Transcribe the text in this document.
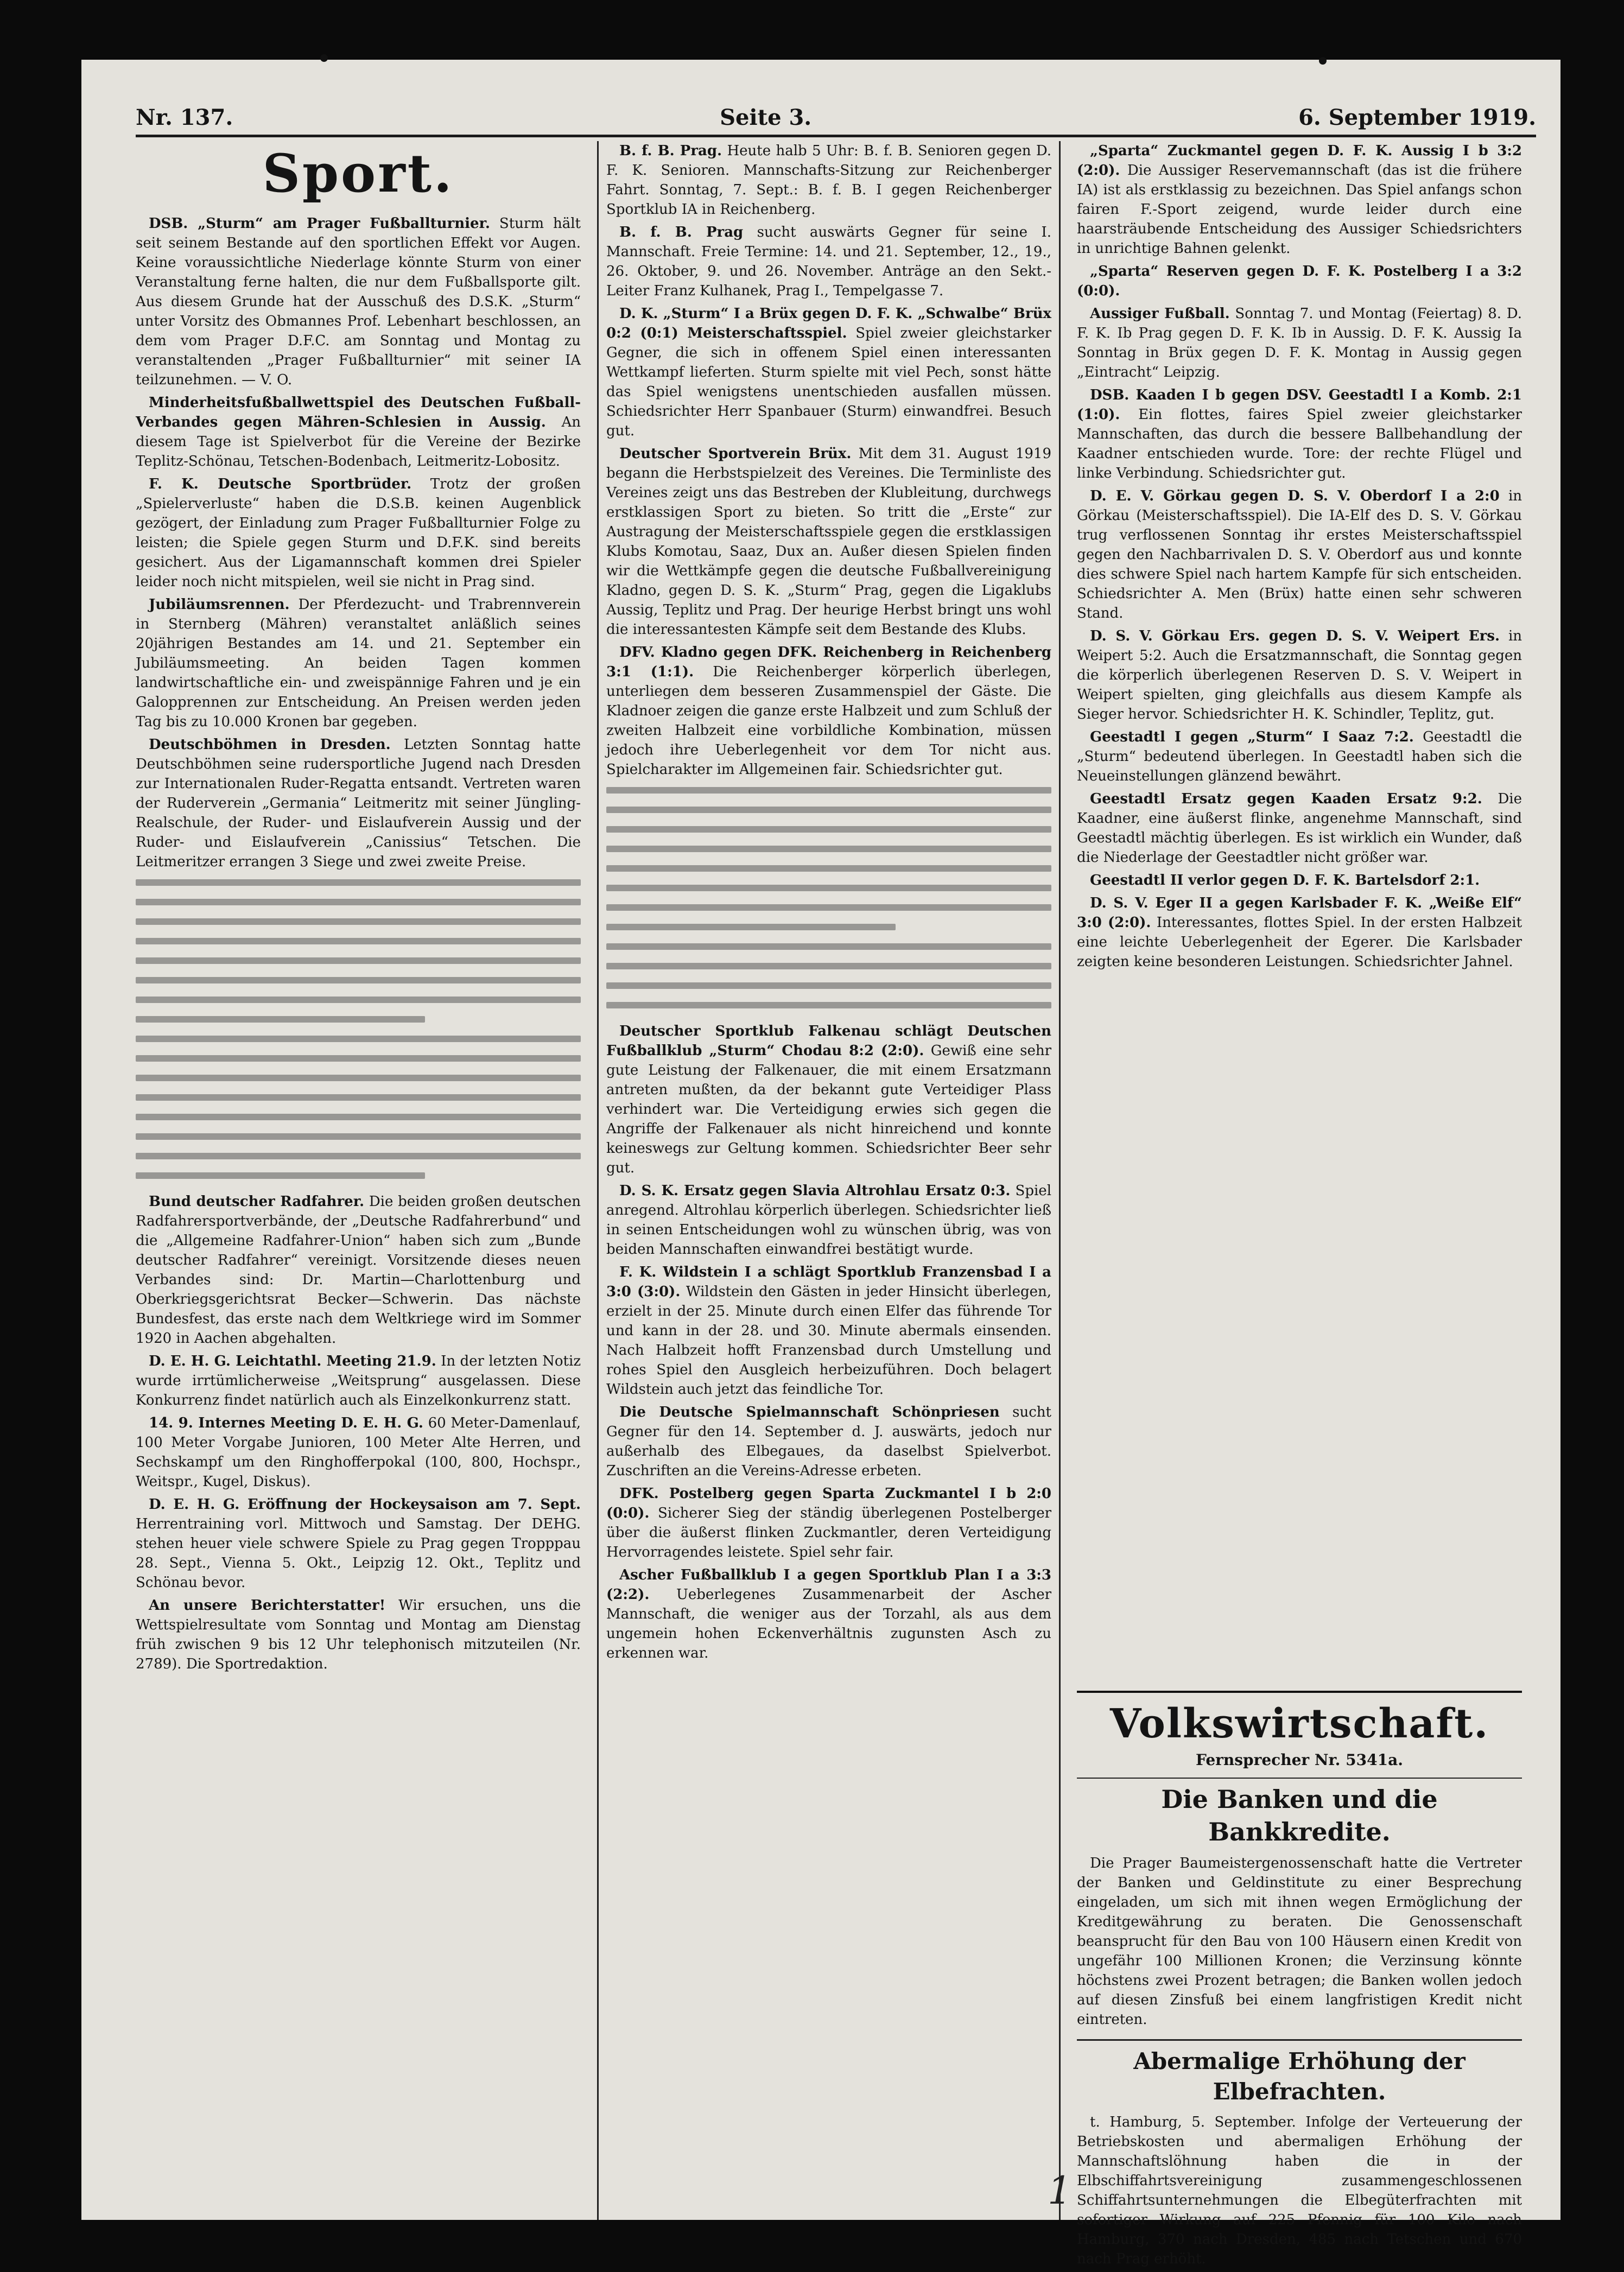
Nr. 137.	Seite 3.	6. September 1919.
Sport.

DSB. „Sturm“ am Prager Fußballturnier. Sturm hält seit seinem Bestande auf den sportlichen Effekt vor Augen. Keine voraussichtliche Niederlage könnte Sturm von einer Veranstaltung ferne halten, die nur dem Fußballsporte gilt. Aus diesem Grunde hat der Ausschuß des D.S.K. „Sturm“ unter Vorsitz des Obmannes Prof. Lebenhart beschlossen, an dem vom Prager D.F.C. am Sonntag und Montag zu veranstaltenden „Prager Fußballturnier“ mit seiner IA teilzunehmen. — V. O.

Minderheitsfußballwettspiel des Deutschen Fußball-Verbandes gegen Mähren-Schlesien in Aussig. An diesem Tage ist Spielverbot für die Vereine der Bezirke Teplitz-Schönau, Tetschen-Bodenbach, Leitmeritz-Lobositz.

F. K. Deutsche Sportbrüder. Trotz der großen „Spielerverluste“ haben die D.S.B. keinen Augenblick gezögert, der Einladung zum Prager Fußballturnier Folge zu leisten; die Spiele gegen Sturm und D.F.K. sind bereits gesichert. Aus der Ligamannschaft kommen drei Spieler leider noch nicht mitspielen, weil sie nicht in Prag sind.

Jubiläumsrennen. Der Pferdezucht- und Trabrennverein in Sternberg (Mähren) veranstaltet anläßlich seines 20jährigen Bestandes am 14. und 21. September ein Jubiläumsmeeting. An beiden Tagen kommen landwirtschaftliche ein- und zweispännige Fahren und je ein Galopprennen zur Entscheidung. An Preisen werden jeden Tag bis zu 10.000 Kronen bar gegeben.

Deutschböhmen in Dresden. Letzten Sonntag hatte Deutschböhmen seine rudersportliche Jugend nach Dresden zur Internationalen Ruder-Regatta entsandt. Vertreten waren der Ruderverein „Germania“ Leitmeritz mit seiner Jüngling-Realschule, der Ruder- und Eislaufverein Aussig und der Ruder- und Eislaufverein „Canissius“ Tetschen. Die Leitmeritzer errangen 3 Siege und zwei zweite Preise.

Bund deutscher Radfahrer. Die beiden großen deutschen Radfahrersportverbände, der „Deutsche Radfahrerbund“ und die „Allgemeine Radfahrer-Union“ haben sich zum „Bunde deutscher Radfahrer“ vereinigt. Vorsitzende dieses neuen Verbandes sind: Dr. Martin—Charlottenburg und Oberkriegsgerichtsrat Becker—Schwerin. Das nächste Bundesfest, das erste nach dem Weltkriege wird im Sommer 1920 in Aachen abgehalten.

D. E. H. G. Leichtathl. Meeting 21.9. In der letzten Notiz wurde irrtümlicherweise „Weitsprung“ ausgelassen. Diese Konkurrenz findet natürlich auch als Einzelkonkurrenz statt.

14. 9. Internes Meeting D. E. H. G. 60 Meter-Damenlauf, 100 Meter Vorgabe Junioren, 100 Meter Alte Herren, und Sechskampf um den Ringhofferpokal (100, 800, Hochspr., Weitspr., Kugel, Diskus).

D. E. H. G. Eröffnung der Hockeysaison am 7. Sept. Herrentraining vorl. Mittwoch und Samstag. Der DEHG. stehen heuer viele schwere Spiele zu Prag gegen Tropppau 28. Sept., Vienna 5. Okt., Leipzig 12. Okt., Teplitz und Schönau bevor.

An unsere Berichterstatter! Wir ersuchen, uns die Wettspielresultate vom Sonntag und Montag am Dienstag früh zwischen 9 bis 12 Uhr telephonisch mitzuteilen (Nr. 2789). Die Sportredaktion.

B. f. B. Prag. Heute halb 5 Uhr: B. f. B. Senioren gegen D. F. K. Senioren. Mannschafts-Sitzung zur Reichenberger Fahrt. Sonntag, 7. Sept.: B. f. B. I gegen Reichenberger Sportklub IA in Reichenberg.

B. f. B. Prag sucht auswärts Gegner für seine I. Mannschaft. Freie Termine: 14. und 21. September, 12., 19., 26. Oktober, 9. und 26. November. Anträge an den Sekt.-Leiter Franz Kulhanek, Prag I., Tempelgasse 7.

D. K. „Sturm“ I a Brüx gegen D. F. K. „Schwalbe“ Brüx 0:2 (0:1) Meisterschaftsspiel. Spiel zweier gleichstarker Gegner, die sich in offenem Spiel einen interessanten Wettkampf lieferten. Sturm spielte mit viel Pech, sonst hätte das Spiel wenigstens unentschieden ausfallen müssen. Schiedsrichter Herr Spanbauer (Sturm) einwandfrei. Besuch gut.

Deutscher Sportverein Brüx. Mit dem 31. August 1919 begann die Herbstspielzeit des Vereines. Die Terminliste des Vereines zeigt uns das Bestreben der Klubleitung, durchwegs erstklassigen Sport zu bieten. So tritt die „Erste“ zur Austragung der Meisterschaftsspiele gegen die erstklassigen Klubs Komotau, Saaz, Dux an. Außer diesen Spielen finden wir die Wettkämpfe gegen die deutsche Fußballvereinigung Kladno, gegen D. S. K. „Sturm“ Prag, gegen die Ligaklubs Aussig, Teplitz und Prag. Der heurige Herbst bringt uns wohl die interessantesten Kämpfe seit dem Bestande des Klubs.

DFV. Kladno gegen DFK. Reichenberg in Reichenberg 3:1 (1:1). Die Reichenberger körperlich überlegen, unterliegen dem besseren Zusammenspiel der Gäste. Die Kladnoer zeigen die ganze erste Halbzeit und zum Schluß der zweiten Halbzeit eine vorbildliche Kombination, müssen jedoch ihre Ueberlegenheit vor dem Tor nicht aus. Spielcharakter im Allgemeinen fair. Schiedsrichter gut.

Deutscher Sportklub Falkenau schlägt Deutschen Fußballklub „Sturm“ Chodau 8:2 (2:0). Gewiß eine sehr gute Leistung der Falkenauer, die mit einem Ersatzmann antreten mußten, da der bekannt gute Verteidiger Plass verhindert war. Die Verteidigung erwies sich gegen die Angriffe der Falkenauer als nicht hinreichend und konnte keineswegs zur Geltung kommen. Schiedsrichter Beer sehr gut.

D. S. K. Ersatz gegen Slavia Altrohlau Ersatz 0:3. Spiel anregend. Altrohlau körperlich überlegen. Schiedsrichter ließ in seinen Entscheidungen wohl zu wünschen übrig, was von beiden Mannschaften einwandfrei bestätigt wurde.

F. K. Wildstein I a schlägt Sportklub Franzensbad I a 3:0 (3:0). Wildstein den Gästen in jeder Hinsicht überlegen, erzielt in der 25. Minute durch einen Elfer das führende Tor und kann in der 28. und 30. Minute abermals einsenden. Nach Halbzeit hofft Franzensbad durch Umstellung und rohes Spiel den Ausgleich herbeizuführen. Doch belagert Wildstein auch jetzt das feindliche Tor.

Die Deutsche Spielmannschaft Schönpriesen sucht Gegner für den 14. September d. J. auswärts, jedoch nur außerhalb des Elbegaues, da daselbst Spielverbot. Zuschriften an die Vereins-Adresse erbeten.

DFK. Postelberg gegen Sparta Zuckmantel I b 2:0 (0:0). Sicherer Sieg der ständig überlegenen Postelberger über die äußerst flinken Zuckmantler, deren Verteidigung Hervorragendes leistete. Spiel sehr fair.

Ascher Fußballklub I a gegen Sportklub Plan I a 3:3 (2:2). Ueberlegenes Zusammenarbeit der Ascher Mannschaft, die weniger aus der Torzahl, als aus dem ungemein hohen Eckenverhältnis zugunsten Asch zu erkennen war.

„Sparta“ Zuckmantel gegen D. F. K. Aussig I b 3:2 (2:0). Die Aussiger Reservemannschaft (das ist die frühere IA) ist als erstklassig zu bezeichnen. Das Spiel anfangs schon fairen F.-Sport zeigend, wurde leider durch eine haarsträubende Entscheidung des Aussiger Schiedsrichters in unrichtige Bahnen gelenkt.

„Sparta“ Reserven gegen D. F. K. Postelberg I a 3:2 (0:0).

Aussiger Fußball. Sonntag 7. und Montag (Feiertag) 8. D. F. K. Ib Prag gegen D. F. K. Ib in Aussig. D. F. K. Aussig Ia Sonntag in Brüx gegen D. F. K. Montag in Aussig gegen „Eintracht“ Leipzig.

DSB. Kaaden I b gegen DSV. Geestadtl I a Komb. 2:1 (1:0). Ein flottes, faires Spiel zweier gleichstarker Mannschaften, das durch die bessere Ballbehandlung der Kaadner entschieden wurde. Tore: der rechte Flügel und linke Verbindung. Schiedsrichter gut.

D. E. V. Görkau gegen D. S. V. Oberdorf I a 2:0 in Görkau (Meisterschaftsspiel). Die IA-Elf des D. S. V. Görkau trug verflossenen Sonntag ihr erstes Meisterschaftsspiel gegen den Nachbarrivalen D. S. V. Oberdorf aus und konnte dies schwere Spiel nach hartem Kampfe für sich entscheiden. Schiedsrichter A. Men (Brüx) hatte einen sehr schweren Stand.

D. S. V. Görkau Ers. gegen D. S. V. Weipert Ers. in Weipert 5:2. Auch die Ersatzmannschaft, die Sonntag gegen die körperlich überlegenen Reserven D. S. V. Weipert in Weipert spielten, ging gleichfalls aus diesem Kampfe als Sieger hervor. Schiedsrichter H. K. Schindler, Teplitz, gut.

Geestadtl I gegen „Sturm“ I Saaz 7:2. Geestadtl die „Sturm“ bedeutend überlegen. In Geestadtl haben sich die Neueinstellungen glänzend bewährt.

Geestadtl Ersatz gegen Kaaden Ersatz 9:2. Die Kaadner, eine äußerst flinke, angenehme Mannschaft, sind Geestadtl mächtig überlegen. Es ist wirklich ein Wunder, daß die Niederlage der Geestadtler nicht größer war.

Geestadtl II verlor gegen D. F. K. Bartelsdorf 2:1.

D. S. V. Eger II a gegen Karlsbader F. K. „Weiße Elf“ 3:0 (2:0). Interessantes, flottes Spiel. In der ersten Halbzeit eine leichte Ueberlegenheit der Egerer. Die Karlsbader zeigten keine besonderen Leistungen. Schiedsrichter Jahnel.

Volkswirtschaft.
Fernsprecher Nr. 5341a.
Die Banken und die Bankkredite.

Die Prager Baumeistergenossenschaft hatte die Vertreter der Banken und Geldinstitute zu einer Besprechung eingeladen, um sich mit ihnen wegen Ermöglichung der Kreditgewährung zu beraten. Die Genossenschaft beansprucht für den Bau von 100 Häusern einen Kredit von ungefähr 100 Millionen Kronen; die Verzinsung könnte höchstens zwei Prozent betragen; die Banken wollen jedoch auf diesen Zinsfuß bei einem langfristigen Kredit nicht eintreten.

Abermalige Erhöhung der Elbefrachten.

t. Hamburg, 5. September. Infolge der Verteuerung der Betriebskosten und abermaligen Erhöhung der Mannschaftslöhnung haben die in der Elbschiffahrtsvereinigung zusammengeschlossenen Schiffahrtsunternehmungen die Elbegüterfrachten mit sofortiger Wirkung auf 225 Pfennig für 100 Kilo nach Hamburg, 370 nach Dresden, 485 nach Tetschen und 670 nach Prag erhöht.

1
